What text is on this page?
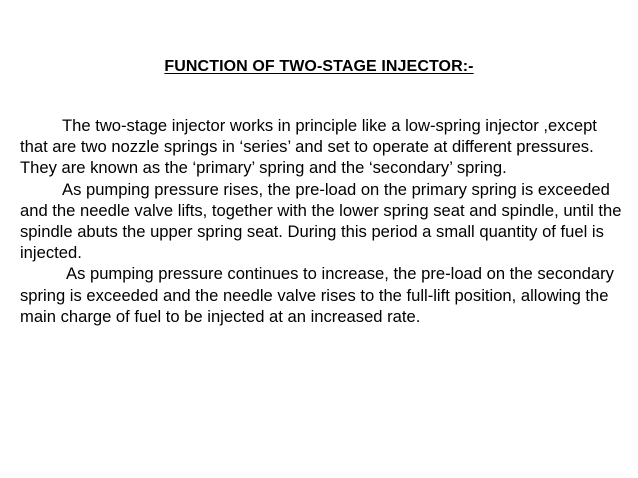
FUNCTION OF TWO-STAGE INJECTOR:-

The two-stage injector works in principle like a low-spring injector ,except that are two nozzle springs in ‘series’ and set to operate at different pressures. They are known as the ‘primary’ spring and the ‘secondary’ spring.

As pumping pressure rises, the pre-load on the primary spring is exceeded and the needle valve lifts, together with the lower spring seat and spindle, until the spindle abuts the upper spring seat. During this period a small quantity of fuel is injected.

As pumping pressure continues to increase, the pre-load on the secondary spring is exceeded and the needle valve rises to the full-lift position, allowing the main charge of fuel to be injected at an increased rate.
